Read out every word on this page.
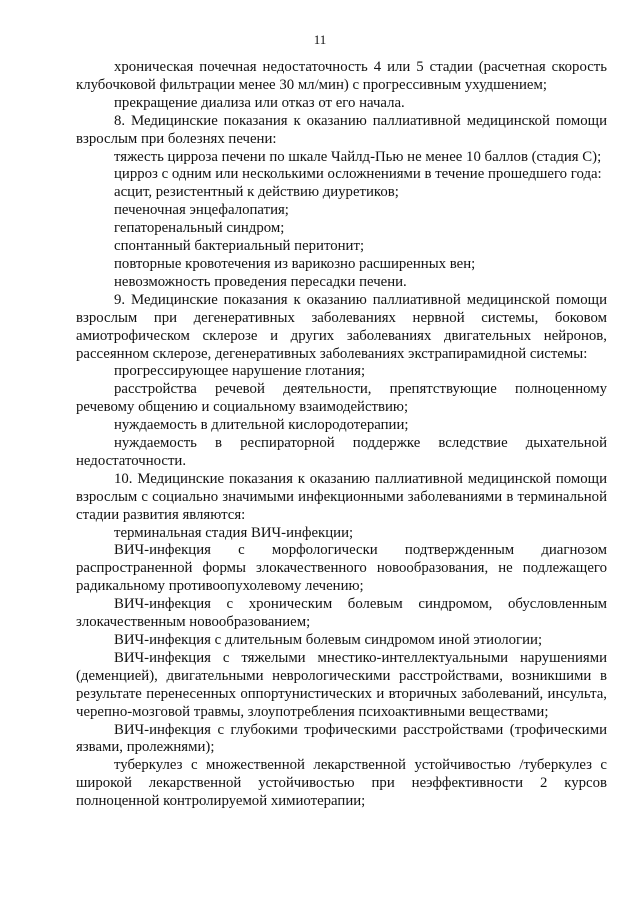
11

хроническая почечная недостаточность 4 или 5 стадии (расчетная скорость клубочковой фильтрации менее 30 мл/мин) с прогрессивным ухудшением;

прекращение диализа или отказ от его начала.

8. Медицинские показания к оказанию паллиативной медицинской помощи взрослым при болезнях печени:

тяжесть цирроза печени по шкале Чайлд-Пью не менее 10 баллов (стадия С);

цирроз с одним или несколькими осложнениями в течение прошедшего года:

асцит, резистентный к действию диуретиков;

печеночная энцефалопатия;

гепаторенальный синдром;

спонтанный бактериальный перитонит;

повторные кровотечения из варикозно расширенных вен;

невозможность проведения пересадки печени.

9. Медицинские показания к оказанию паллиативной медицинской помощи взрослым при дегенеративных заболеваниях нервной системы, боковом амиотрофическом склерозе и других заболеваниях двигательных нейронов, рассеянном склерозе, дегенеративных заболеваниях экстрапирамидной системы:

прогрессирующее нарушение глотания;

расстройства речевой деятельности, препятствующие полноценному речевому общению и социальному взаимодействию;

нуждаемость в длительной кислородотерапии;

нуждаемость в респираторной поддержке вследствие дыхательной недостаточности.

10. Медицинские показания к оказанию паллиативной медицинской помощи взрослым с социально значимыми инфекционными заболеваниями в терминальной стадии развития являются:

терминальная стадия ВИЧ-инфекции;

ВИЧ-инфекция с морфологически подтвержденным диагнозом распространенной формы злокачественного новообразования, не подлежащего радикальному противоопухолевому лечению;

ВИЧ-инфекция с хроническим болевым синдромом, обусловленным злокачественным новообразованием;

ВИЧ-инфекция с длительным болевым синдромом иной этиологии;

ВИЧ-инфекция с тяжелыми мнестико-интеллектуальными нарушениями (деменцией), двигательными неврологическими расстройствами, возникшими в результате перенесенных оппортунистических и вторичных заболеваний, инсульта, черепно-мозговой травмы, злоупотребления психоактивными веществами;

ВИЧ-инфекция с глубокими трофическими расстройствами (трофическими язвами, пролежнями);

туберкулез с множественной лекарственной устойчивостью /туберкулез с широкой лекарственной устойчивостью при неэффективности 2 курсов полноценной контролируемой химиотерапии;
